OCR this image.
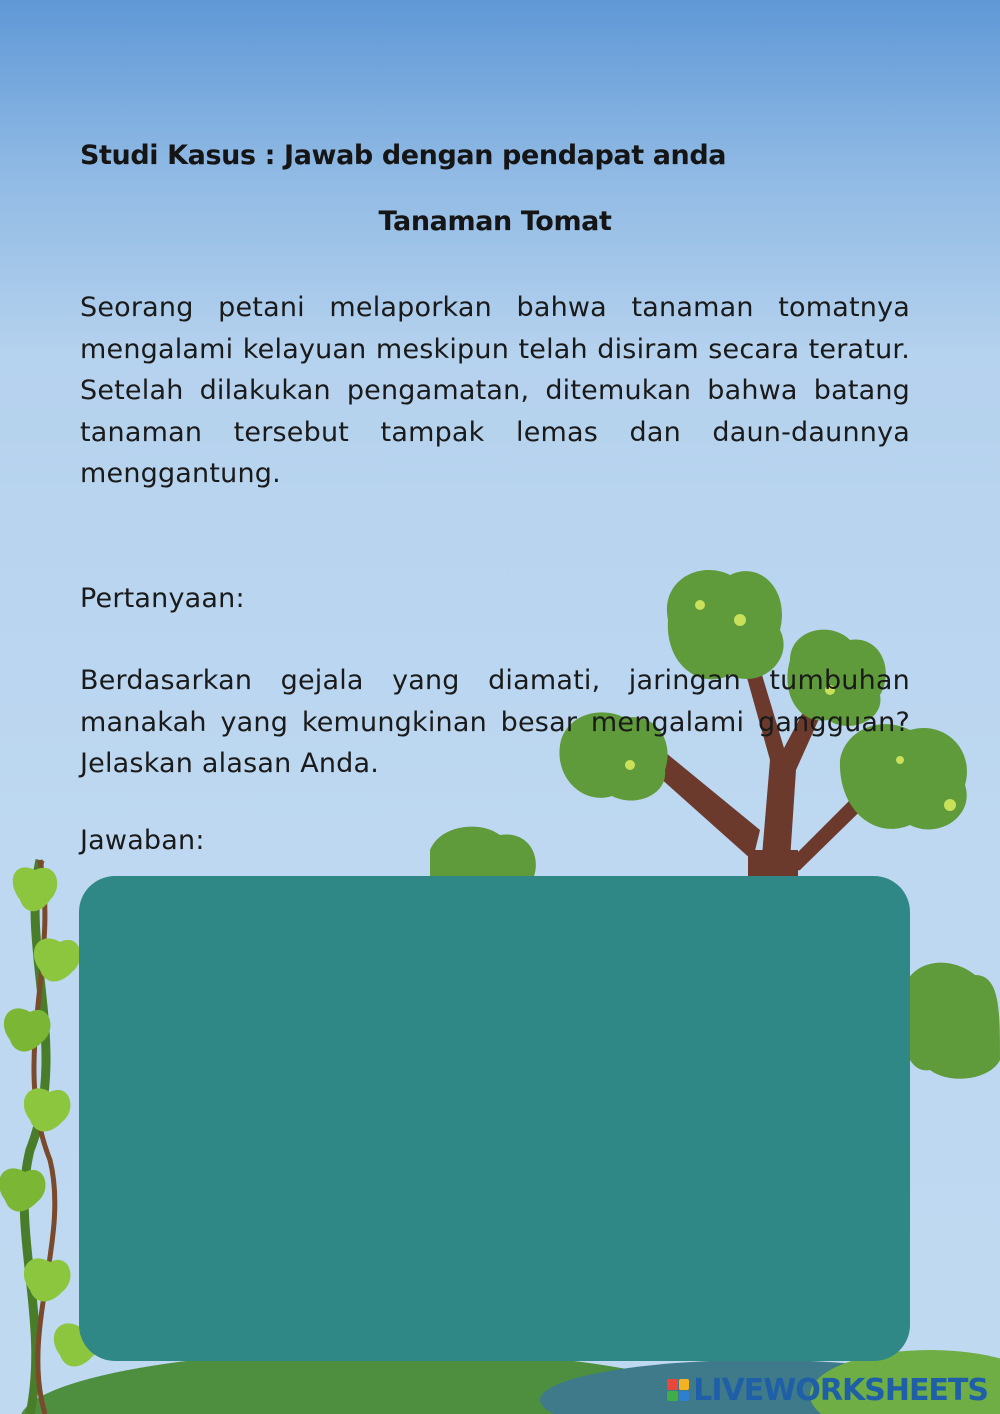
Studi Kasus : Jawab dengan pendapat anda
Tanaman Tomat

Seorang petani melaporkan bahwa tanaman tomatnya mengalami kelayuan meskipun telah disiram secara teratur. Setelah dilakukan pengamatan, ditemukan bahwa batang tanaman tersebut tampak lemas dan daun-daunnya menggantung.

Pertanyaan:

Berdasarkan gejala yang diamati, jaringan tumbuhan manakah yang kemungkinan besar mengalami gangguan? Jelaskan alasan Anda.

Jawaban:

LIVEWORKSHEETS
